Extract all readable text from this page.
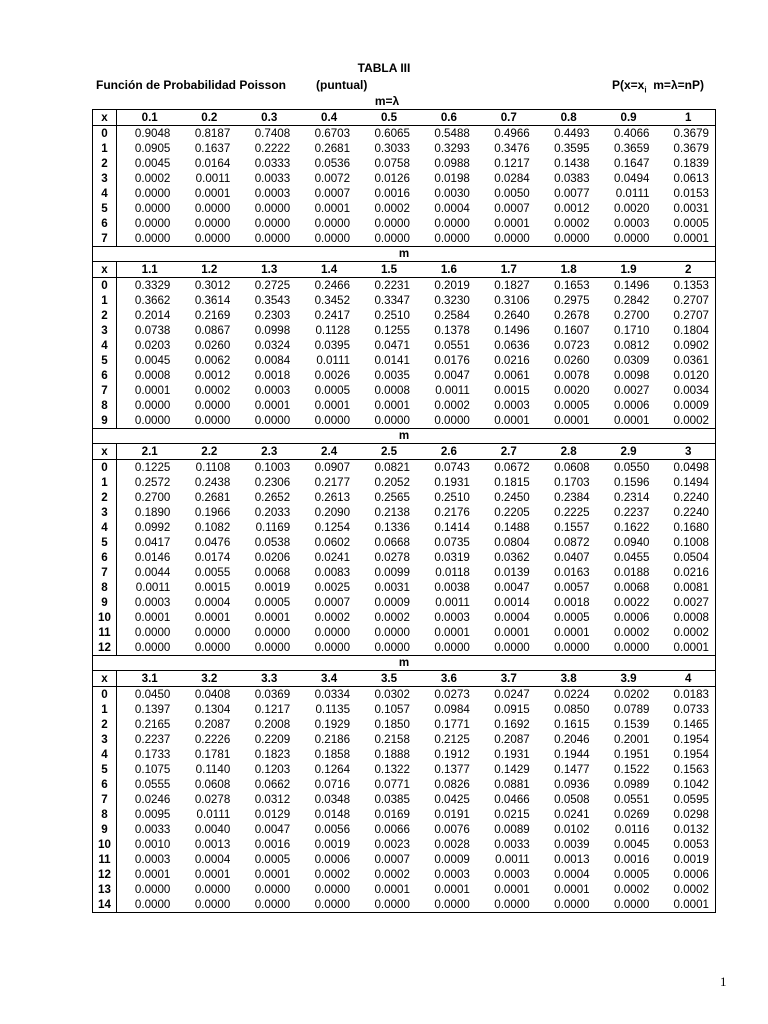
TABLA III
Función de Probabilidad Poisson (puntual)	$P(x=x_i$  m=λ=nP)
m=λ
x	0.1	0.2	0.3	0.4	0.5	0.6	0.7	0.8	0.9	1
0	0.9048	0.8187	0.7408	0.6703	0.6065	0.5488	0.4966	0.4493	0.4066	0.3679
1	0.0905	0.1637	0.2222	0.2681	0.3033	0.3293	0.3476	0.3595	0.3659	0.3679
2	0.0045	0.0164	0.0333	0.0536	0.0758	0.0988	0.1217	0.1438	0.1647	0.1839
3	0.0002	0.0011	0.0033	0.0072	0.0126	0.0198	0.0284	0.0383	0.0494	0.0613
4	0.0000	0.0001	0.0003	0.0007	0.0016	0.0030	0.0050	0.0077	0.0111	0.0153
5	0.0000	0.0000	0.0000	0.0001	0.0002	0.0004	0.0007	0.0012	0.0020	0.0031
6	0.0000	0.0000	0.0000	0.0000	0.0000	0.0000	0.0001	0.0002	0.0003	0.0005
7	0.0000	0.0000	0.0000	0.0000	0.0000	0.0000	0.0000	0.0000	0.0000	0.0001
m										
x	1.1	1.2	1.3	1.4	1.5	1.6	1.7	1.8	1.9	2
0	0.3329	0.3012	0.2725	0.2466	0.2231	0.2019	0.1827	0.1653	0.1496	0.1353
1	0.3662	0.3614	0.3543	0.3452	0.3347	0.3230	0.3106	0.2975	0.2842	0.2707
2	0.2014	0.2169	0.2303	0.2417	0.2510	0.2584	0.2640	0.2678	0.2700	0.2707
3	0.0738	0.0867	0.0998	0.1128	0.1255	0.1378	0.1496	0.1607	0.1710	0.1804
4	0.0203	0.0260	0.0324	0.0395	0.0471	0.0551	0.0636	0.0723	0.0812	0.0902
5	0.0045	0.0062	0.0084	0.0111	0.0141	0.0176	0.0216	0.0260	0.0309	0.0361
6	0.0008	0.0012	0.0018	0.0026	0.0035	0.0047	0.0061	0.0078	0.0098	0.0120
7	0.0001	0.0002	0.0003	0.0005	0.0008	0.0011	0.0015	0.0020	0.0027	0.0034
8	0.0000	0.0000	0.0001	0.0001	0.0001	0.0002	0.0003	0.0005	0.0006	0.0009
9	0.0000	0.0000	0.0000	0.0000	0.0000	0.0000	0.0001	0.0001	0.0001	0.0002
m										
x	2.1	2.2	2.3	2.4	2.5	2.6	2.7	2.8	2.9	3
0	0.1225	0.1108	0.1003	0.0907	0.0821	0.0743	0.0672	0.0608	0.0550	0.0498
1	0.2572	0.2438	0.2306	0.2177	0.2052	0.1931	0.1815	0.1703	0.1596	0.1494
2	0.2700	0.2681	0.2652	0.2613	0.2565	0.2510	0.2450	0.2384	0.2314	0.2240
3	0.1890	0.1966	0.2033	0.2090	0.2138	0.2176	0.2205	0.2225	0.2237	0.2240
4	0.0992	0.1082	0.1169	0.1254	0.1336	0.1414	0.1488	0.1557	0.1622	0.1680
5	0.0417	0.0476	0.0538	0.0602	0.0668	0.0735	0.0804	0.0872	0.0940	0.1008
6	0.0146	0.0174	0.0206	0.0241	0.0278	0.0319	0.0362	0.0407	0.0455	0.0504
7	0.0044	0.0055	0.0068	0.0083	0.0099	0.0118	0.0139	0.0163	0.0188	0.0216
8	0.0011	0.0015	0.0019	0.0025	0.0031	0.0038	0.0047	0.0057	0.0068	0.0081
9	0.0003	0.0004	0.0005	0.0007	0.0009	0.0011	0.0014	0.0018	0.0022	0.0027
10	0.0001	0.0001	0.0001	0.0002	0.0002	0.0003	0.0004	0.0005	0.0006	0.0008
11	0.0000	0.0000	0.0000	0.0000	0.0000	0.0001	0.0001	0.0001	0.0002	0.0002
12	0.0000	0.0000	0.0000	0.0000	0.0000	0.0000	0.0000	0.0000	0.0000	0.0001
m										
x	3.1	3.2	3.3	3.4	3.5	3.6	3.7	3.8	3.9	4
0	0.0450	0.0408	0.0369	0.0334	0.0302	0.0273	0.0247	0.0224	0.0202	0.0183
1	0.1397	0.1304	0.1217	0.1135	0.1057	0.0984	0.0915	0.0850	0.0789	0.0733
2	0.2165	0.2087	0.2008	0.1929	0.1850	0.1771	0.1692	0.1615	0.1539	0.1465
3	0.2237	0.2226	0.2209	0.2186	0.2158	0.2125	0.2087	0.2046	0.2001	0.1954
4	0.1733	0.1781	0.1823	0.1858	0.1888	0.1912	0.1931	0.1944	0.1951	0.1954
5	0.1075	0.1140	0.1203	0.1264	0.1322	0.1377	0.1429	0.1477	0.1522	0.1563
6	0.0555	0.0608	0.0662	0.0716	0.0771	0.0826	0.0881	0.0936	0.0989	0.1042
7	0.0246	0.0278	0.0312	0.0348	0.0385	0.0425	0.0466	0.0508	0.0551	0.0595
8	0.0095	0.0111	0.0129	0.0148	0.0169	0.0191	0.0215	0.0241	0.0269	0.0298
9	0.0033	0.0040	0.0047	0.0056	0.0066	0.0076	0.0089	0.0102	0.0116	0.0132
10	0.0010	0.0013	0.0016	0.0019	0.0023	0.0028	0.0033	0.0039	0.0045	0.0053
11	0.0003	0.0004	0.0005	0.0006	0.0007	0.0009	0.0011	0.0013	0.0016	0.0019
12	0.0001	0.0001	0.0001	0.0002	0.0002	0.0003	0.0003	0.0004	0.0005	0.0006
13	0.0000	0.0000	0.0000	0.0000	0.0001	0.0001	0.0001	0.0001	0.0002	0.0002
14	0.0000	0.0000	0.0000	0.0000	0.0000	0.0000	0.0000	0.0000	0.0000	0.0001
1
